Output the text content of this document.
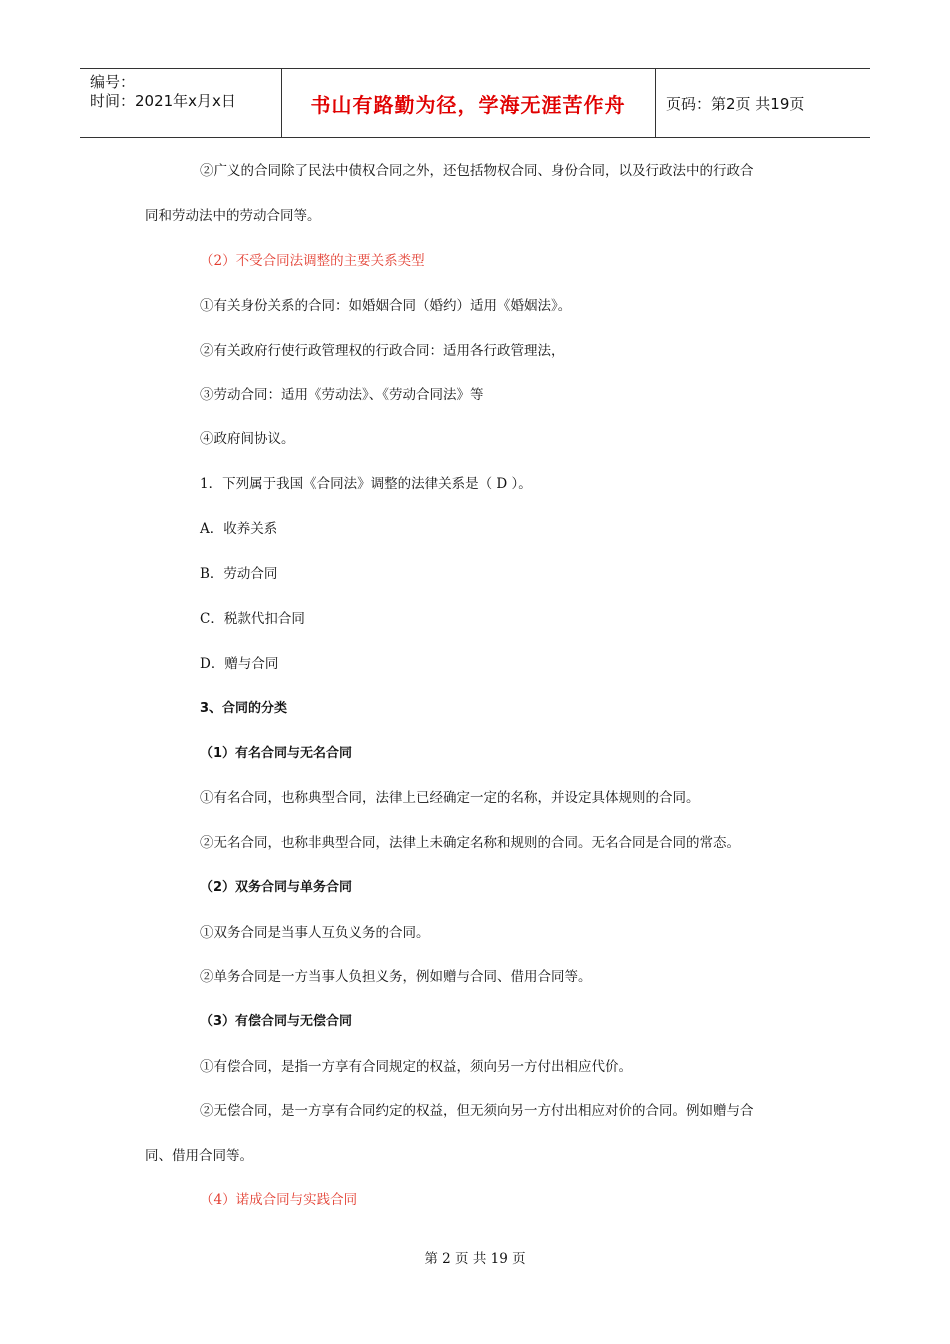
编号：
时间：2021年x月x日	书山有路勤为径，学海无涯苦作舟	页码：第2页 共19页
②广义的合同除了民法中债权合同之外，还包括物权合同、身份合同，以及行政法中的行政合
同和劳动法中的劳动合同等。
（2）不受合同法调整的主要关系类型
①有关身份关系的合同：如婚姻合同（婚约）适用《婚姻法》。
②有关政府行使行政管理权的行政合同：适用各行政管理法，
③劳动合同：适用《劳动法》、《劳动合同法》等
④政府间协议。
1．下列属于我国《合同法》调整的法律关系是（ D ）。
A．收养关系
B．劳动合同
C．税款代扣合同
D．赠与合同
3、合同的分类
（1）有名合同与无名合同
①有名合同，也称典型合同，法律上已经确定一定的名称，并设定具体规则的合同。
②无名合同，也称非典型合同，法律上未确定名称和规则的合同。无名合同是合同的常态。
（2）双务合同与单务合同
①双务合同是当事人互负义务的合同。
②单务合同是一方当事人负担义务，例如赠与合同、借用合同等。
（3）有偿合同与无偿合同
①有偿合同，是指一方享有合同规定的权益，须向另一方付出相应代价。
②无偿合同，是一方享有合同约定的权益，但无须向另一方付出相应对价的合同。例如赠与合
同、借用合同等。
（4）诺成合同与实践合同
第 2 页 共 19 页
